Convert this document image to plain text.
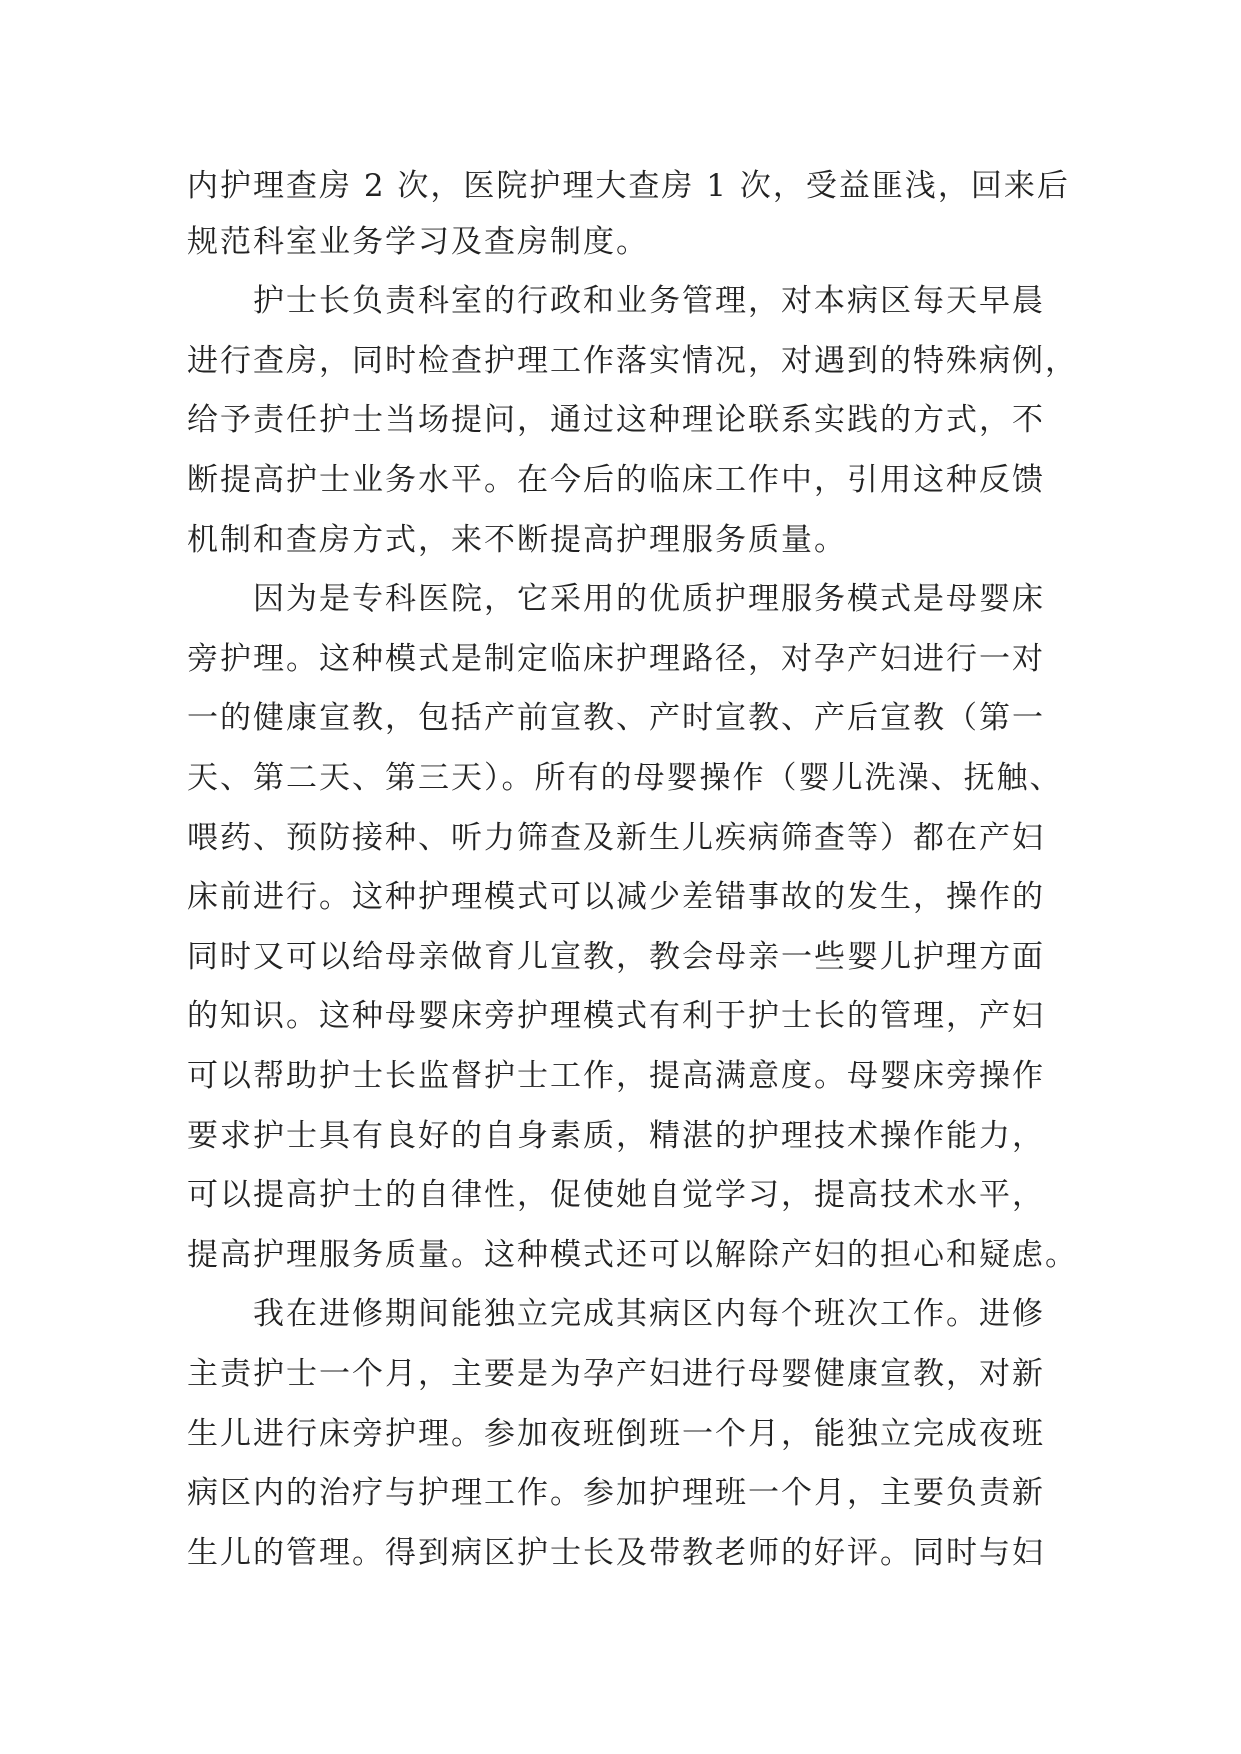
内护理查房 2 次，医院护理大查房 1 次，受益匪浅，回来后
规范科室业务学习及查房制度。
护士长负责科室的行政和业务管理，对本病区每天早晨
进行查房，同时检查护理工作落实情况，对遇到的特殊病例，
给予责任护士当场提问，通过这种理论联系实践的方式，不
断提高护士业务水平。在今后的临床工作中，引用这种反馈
机制和查房方式，来不断提高护理服务质量。
因为是专科医院，它采用的优质护理服务模式是母婴床
旁护理。这种模式是制定临床护理路径，对孕产妇进行一对
一的健康宣教，包括产前宣教、产时宣教、产后宣教（第一
天、第二天、第三天）。所有的母婴操作（婴儿洗澡、抚触、
喂药、预防接种、听力筛查及新生儿疾病筛查等）都在产妇
床前进行。这种护理模式可以减少差错事故的发生，操作的
同时又可以给母亲做育儿宣教，教会母亲一些婴儿护理方面
的知识。这种母婴床旁护理模式有利于护士长的管理，产妇
可以帮助护士长监督护士工作，提高满意度。母婴床旁操作
要求护士具有良好的自身素质，精湛的护理技术操作能力，
可以提高护士的自律性，促使她自觉学习，提高技术水平，
提高护理服务质量。这种模式还可以解除产妇的担心和疑虑。
我在进修期间能独立完成其病区内每个班次工作。进修
主责护士一个月，主要是为孕产妇进行母婴健康宣教，对新
生儿进行床旁护理。参加夜班倒班一个月，能独立完成夜班
病区内的治疗与护理工作。参加护理班一个月，主要负责新
生儿的管理。得到病区护士长及带教老师的好评。同时与妇
